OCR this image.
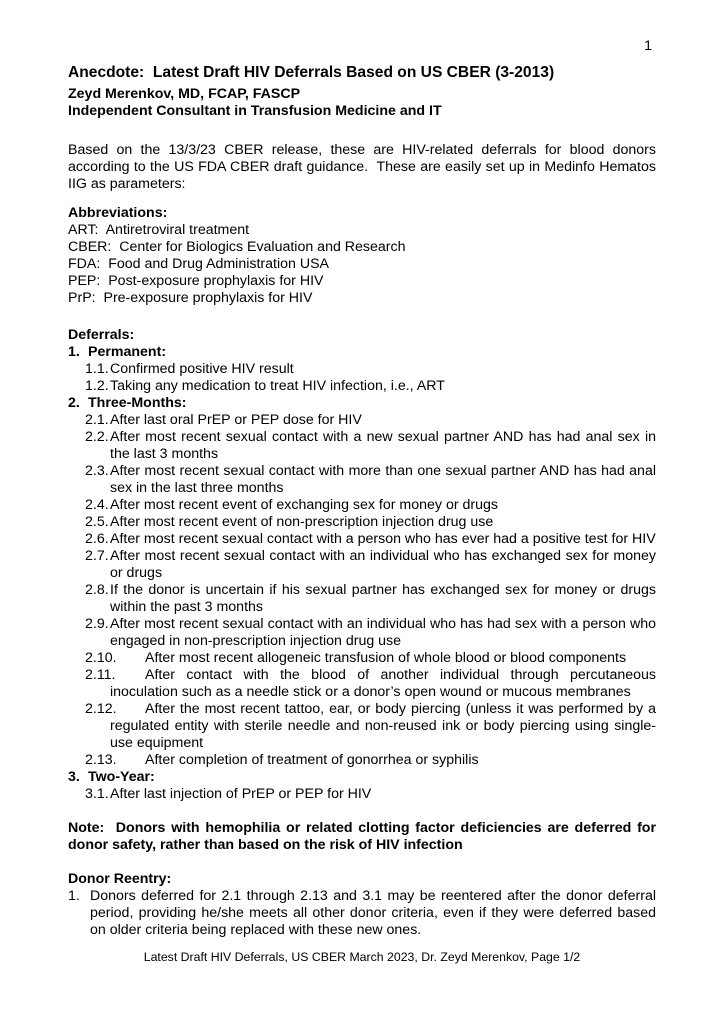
1
Anecdote:  Latest Draft HIV Deferrals Based on US CBER (3-2013)
Zeyd Merenkov, MD, FCAP, FASCP
Independent Consultant in Transfusion Medicine and IT

Based on the 13/3/23 CBER release, these are HIV-related deferrals for blood donors according to the US FDA CBER draft guidance.  These are easily set up in Medinfo Hematos IIG as parameters:

Abbreviations:
ART:  Antiretroviral treatment
CBER:  Center for Biologics Evaluation and Research
FDA:  Food and Drug Administration USA
PEP:  Post-exposure prophylaxis for HIV
PrP:  Pre-exposure prophylaxis for HIV
Deferrals:
1. Permanent:

1.1. Confirmed positive HIV result

1.2. Taking any medication to treat HIV infection, i.e., ART

2. Three-Months:

2.1. After last oral PrEP or PEP dose for HIV

2.2. After most recent sexual contact with a new sexual partner AND has had anal sex in the last 3 months

2.3. After most recent sexual contact with more than one sexual partner AND has had anal sex in the last three months

2.4. After most recent event of exchanging sex for money or drugs

2.5. After most recent event of non-prescription injection drug use

2.6. After most recent sexual contact with a person who has ever had a positive test for HIV

2.7. After most recent sexual contact with an individual who has exchanged sex for money or drugs

2.8. If the donor is uncertain if his sexual partner has exchanged sex for money or drugs within the past 3 months

2.9. After most recent sexual contact with an individual who has had sex with a person who engaged in non-prescription injection drug use

2.10.	After most recent allogeneic transfusion of whole blood or blood components

2.11.	After contact with the blood of another individual through percutaneous inoculation such as a needle stick or a donor’s open wound or mucous membranes

2.12.	After the most recent tattoo, ear, or body piercing (unless it was performed by a regulated entity with sterile needle and non-reused ink or body piercing using single-use equipment

2.13.	After completion of treatment of gonorrhea or syphilis

3. Two-Year:

3.1. After last injection of PrEP or PEP for HIV

Note:  Donors with hemophilia or related clotting factor deficiencies are deferred for donor safety, rather than based on the risk of HIV infection

Donor Reentry:

1. Donors deferred for 2.1 through 2.13 and 3.1 may be reentered after the donor deferral period, providing he/she meets all other donor criteria, even if they were deferred based on older criteria being replaced with these new ones.

Latest Draft HIV Deferrals, US CBER March 2023, Dr. Zeyd Merenkov, Page 1/2
